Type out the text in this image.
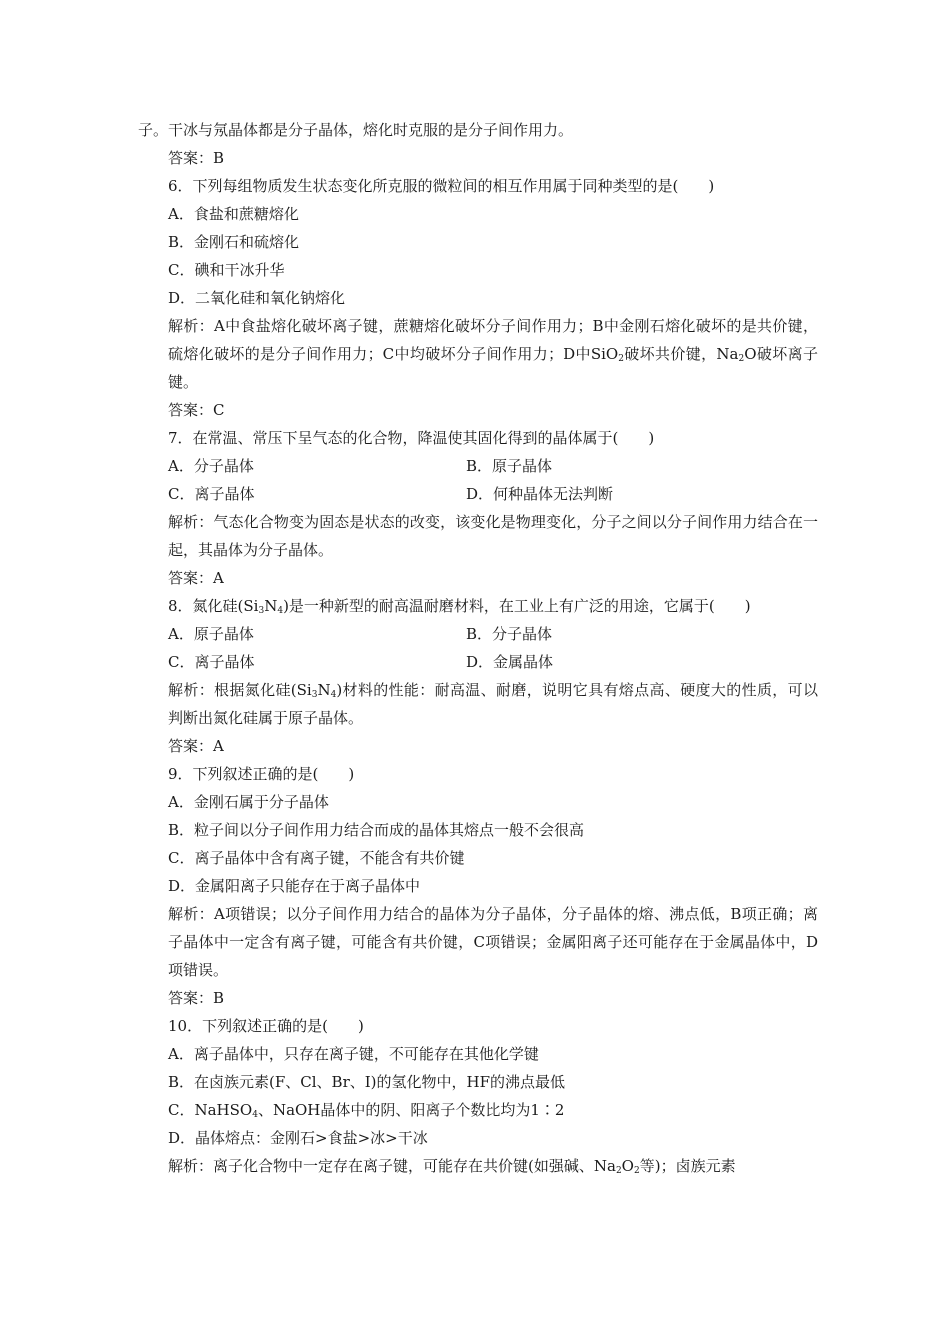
子。干冰与氖晶体都是分子晶体，熔化时克服的是分子间作用力。

答案：B

6．下列每组物质发生状态变化所克服的微粒间的相互作用属于同种类型的是(　　)

A．食盐和蔗糖熔化

B．金刚石和硫熔化

C．碘和干冰升华

D．二氧化硅和氧化钠熔化

解析：A中食盐熔化破坏离子键，蔗糖熔化破坏分子间作用力；B中金刚石熔化破坏的是共价键，硫熔化破坏的是分子间作用力；C中均破坏分子间作用力；D中SiO$_2$破坏共价键，$Na_2O$破坏离子键。

答案：C

7．在常温、常压下呈气态的化合物，降温使其固化得到的晶体属于(　　)

A．分子晶体	B．原子晶体
C．离子晶体	D．何种晶体无法判断

解析：气态化合物变为固态是状态的改变，该变化是物理变化，分子之间以分子间作用力结合在一起，其晶体为分子晶体。

答案：A

8．氮化硅$(Si_3N_4)$是一种新型的耐高温耐磨材料，在工业上有广泛的用途，它属于(　　)

A．原子晶体	B．分子晶体
C．离子晶体	D．金属晶体

解析：根据氮化硅$(Si_3N_4)$材料的性能：耐高温、耐磨，说明它具有熔点高、硬度大的性质，可以判断出氮化硅属于原子晶体。

答案：A

9．下列叙述正确的是(　　)

A．金刚石属于分子晶体

B．粒子间以分子间作用力结合而成的晶体其熔点一般不会很高

C．离子晶体中含有离子键，不能含有共价键

D．金属阳离子只能存在于离子晶体中

解析：A项错误；以分子间作用力结合的晶体为分子晶体，分子晶体的熔、沸点低，B项正确；离子晶体中一定含有离子键，可能含有共价键，C项错误；金属阳离子还可能存在于金属晶体中，D项错误。

答案：B

10．下列叙述正确的是(　　)

A．离子晶体中，只存在离子键，不可能存在其他化学键

B．在卤族元素(F、Cl、Br、I)的氢化物中，HF的沸点最低

C．NaHSO$_4$、NaOH晶体中的阴、阳离子个数比均为1∶2

D．晶体熔点：金刚石>食盐>冰>干冰

解析：离子化合物中一定存在离子键，可能存在共价键(如强碱、$Na_2O_2$等)；卤族元素
